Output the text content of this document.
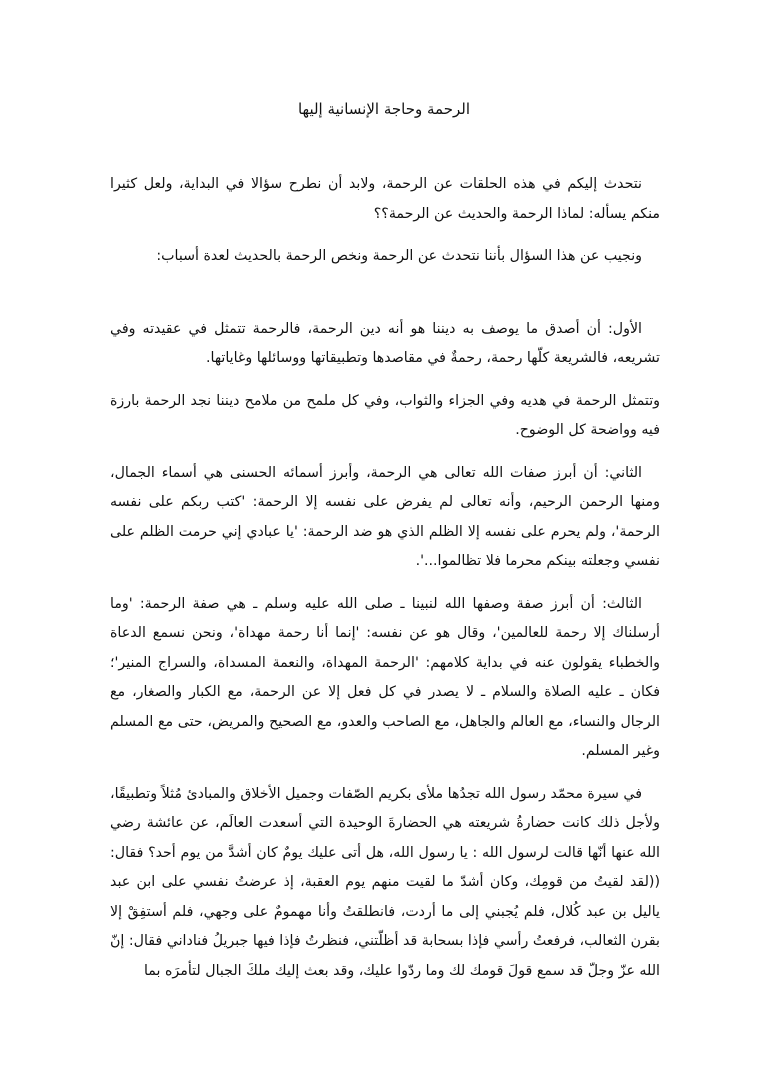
الرحمة وحاجة الإنسانية إليها

نتحدث إليكم في هذه الحلقات عن الرحمة، ولابد أن نطرح سؤالا في البداية، ولعل كثيرا منكم يسأله: لماذا الرحمة والحديث عن الرحمة؟؟

ونجيب عن هذا السؤال بأننا نتحدث عن الرحمة ونخص الرحمة بالحديث لعدة أسباب:

الأول: أن أصدق ما يوصف به ديننا هو أنه دين الرحمة، فالرحمة تتمثل في عقيدته وفي تشريعه، فالشريعة كلّها رحمة، رحمةٌ في مقاصدها وتطبيقاتها ووسائلها وغاياتها.

وتتمثل الرحمة في هديه وفي الجزاء والثواب، وفي كل ملمح من ملامح ديننا نجد الرحمة بارزة فيه وواضحة كل الوضوح.

الثاني: أن أبرز صفات الله تعالى هي الرحمة، وأبرز أسمائه الحسنى هي أسماء الجمال، ومنها الرحمن الرحيم، وأنه تعالى لم يفرض على نفسه إلا الرحمة: 'كتب ربكم على نفسه الرحمة'، ولم يحرم على نفسه إلا الظلم الذي هو ضد الرحمة: 'يا عبادي إني حرمت الظلم على نفسي وجعلته بينكم محرما فلا تظالموا...'.

الثالث: أن أبرز صفة وصفها الله لنبينا ـ صلى الله عليه وسلم ـ هي صفة الرحمة: 'وما أرسلناك إلا رحمة للعالمين'، وقال هو عن نفسه: 'إنما أنا رحمة مهداة'، ونحن نسمع الدعاة والخطباء يقولون عنه في بداية كلامهم: 'الرحمة المهداة، والنعمة المسداة، والسراج المنير'؛ فكان ـ عليه الصلاة والسلام ـ لا يصدر في كل فعل إلا عن الرحمة، مع الكبار والصغار، مع الرجال والنساء، مع العالم والجاهل، مع الصاحب والعدو، مع الصحيح والمريض، حتى مع المسلم وغير المسلم.

في سيرة محمّد رسول الله تجدُها ملأى بكريم الصّفات وجميل الأخلاق والمبادئ مُثلاً وتطبيقًا، ولأجل ذلك كانت حضارةُ شريعته هي الحضارةَ الوحيدة التي أسعدت العالَم، عن عائشة رضي الله عنها أنّها قالت لرسول الله : يا رسول الله، هل أتى عليك يومٌ كان أشدَّ من يوم أحد؟ فقال: ((لقد لقيتُ من قومِك، وكان أشدّ ما لقيت منهم يوم العقبة، إذ عرضتُ نفسي على ابن عبد ياليل بن عبد كُلال، فلم يُجبني إلى ما أردت، فانطلقتُ وأنا مهمومٌ على وجهي، فلم أستفِقْ إلا بقرن الثعالب، فرفعتُ رأسي فإذا بسحابة قد أظلّتني، فنظرتُ فإذا فيها جبريلُ فناداني فقال: إنّ الله عزّ وجلّ قد سمع قولَ قومك لك وما ردّوا عليك، وقد بعث إليك ملكَ الجبال لتأمرَه بما
